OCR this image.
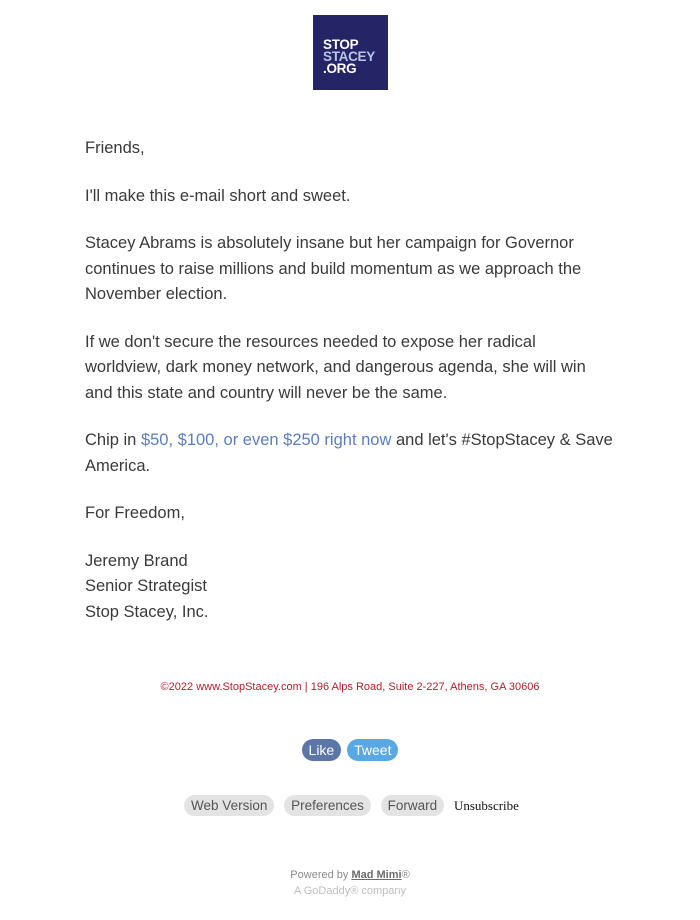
STOP
STACEY
.ORG

Friends,

I'll make this e-mail short and sweet.

Stacey Abrams is absolutely insane but her campaign for Governor continues to raise millions and build momentum as we approach the November election.

If we don't secure the resources needed to expose her radical worldview, dark money network, and dangerous agenda, she will win and this state and country will never be the same.

Chip in $50, $100, or even $250 right now and let's #StopStacey & Save America.

For Freedom,

Jeremy Brand
Senior Strategist
Stop Stacey, Inc.

©2022 www.StopStacey.com | 196 Alps Road, Suite 2-227, Athens, GA 30606
Like Tweet
Web Version Preferences Forward Unsubscribe
Powered by Mad Mimi®
A GoDaddy® company
